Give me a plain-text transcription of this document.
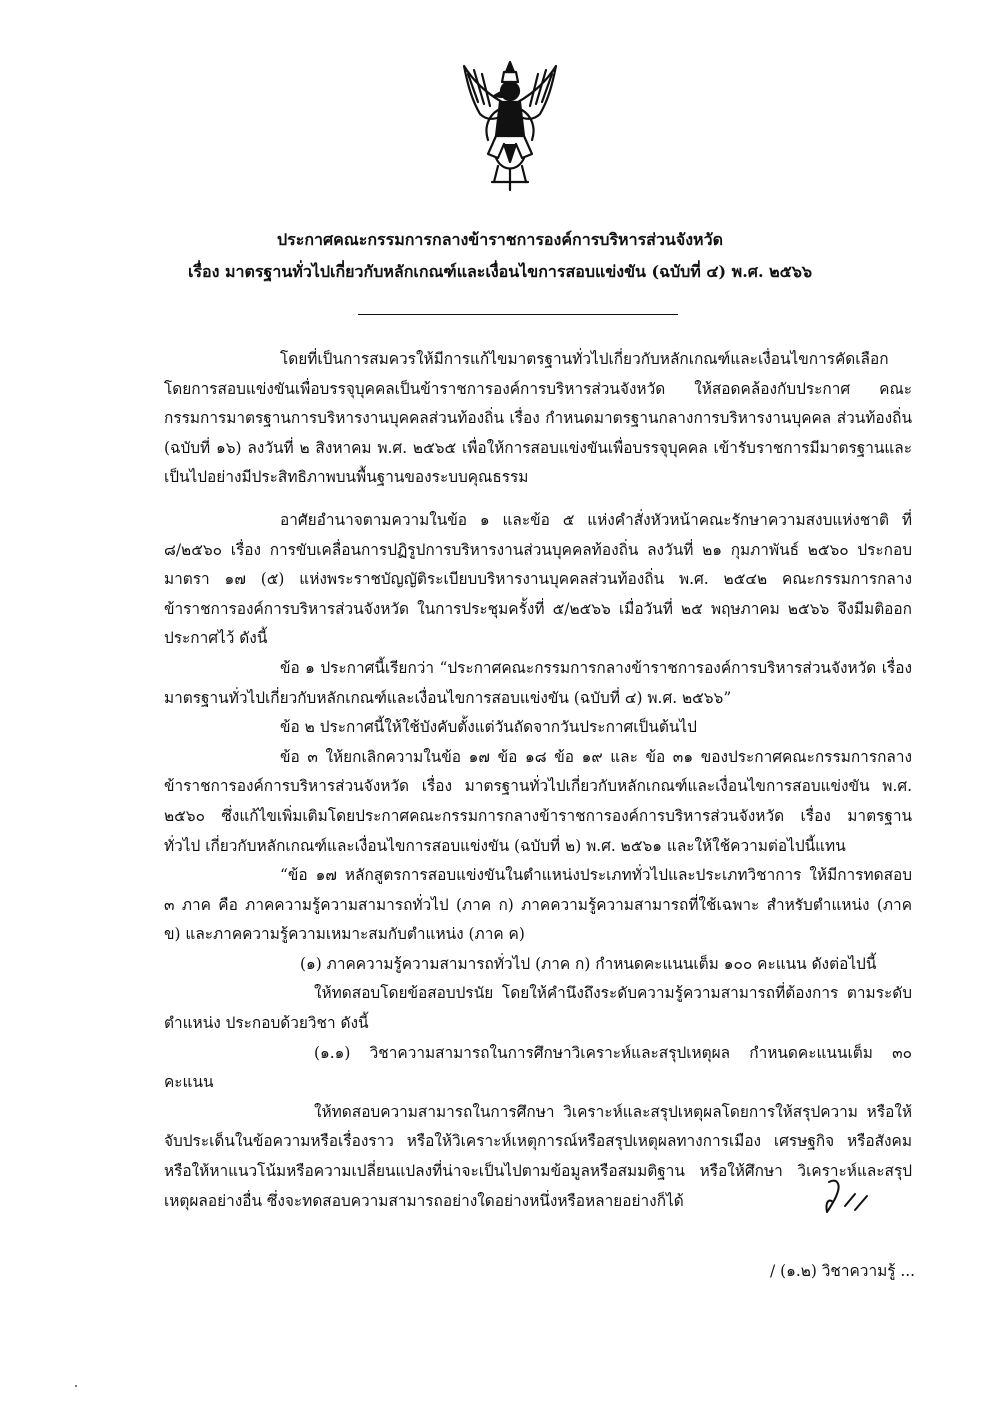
ประกาศคณะกรรมการกลางข้าราชการองค์การบริหารส่วนจังหวัด
เรื่อง มาตรฐานทั่วไปเกี่ยวกับหลักเกณฑ์และเงื่อนไขการสอบแข่งขัน (ฉบับที่ ๔) พ.ศ. ๒๕๖๖

โดยที่เป็นการสมควรให้มีการแก้ไขมาตรฐานทั่วไปเกี่ยวกับหลักเกณฑ์และเงื่อนไขการคัดเลือก โดยการสอบแข่งขันเพื่อบรรจุบุคคลเป็นข้าราชการองค์การบริหารส่วนจังหวัด ให้สอดคล้องกับประกาศ คณะกรรมการมาตรฐานการบริหารงานบุคคลส่วนท้องถิ่น เรื่อง กำหนดมาตรฐานกลางการบริหารงานบุคคล ส่วนท้องถิ่น (ฉบับที่ ๑๖) ลงวันที่ ๒ สิงหาคม พ.ศ. ๒๕๖๕ เพื่อให้การสอบแข่งขันเพื่อบรรจุบุคคล เข้ารับราชการมีมาตรฐานและเป็นไปอย่างมีประสิทธิภาพบนพื้นฐานของระบบคุณธรรม

อาศัยอำนาจตามความในข้อ ๑ และข้อ ๕ แห่งคำสั่งหัวหน้าคณะรักษาความสงบแห่งชาติ ที่ ๘/๒๕๖๐ เรื่อง การขับเคลื่อนการปฏิรูปการบริหารงานส่วนบุคคลท้องถิ่น ลงวันที่ ๒๑ กุมภาพันธ์ ๒๕๖๐ ประกอบมาตรา ๑๗ (๕) แห่งพระราชบัญญัติระเบียบบริหารงานบุคคลส่วนท้องถิ่น พ.ศ. ๒๕๔๒ คณะกรรมการกลาง ข้าราชการองค์การบริหารส่วนจังหวัด ในการประชุมครั้งที่ ๕/๒๕๖๖ เมื่อวันที่ ๒๕ พฤษภาคม ๒๕๖๖ จึงมีมติออกประกาศไว้ ดังนี้

ข้อ ๑ ประกาศนี้เรียกว่า “ประกาศคณะกรรมการกลางข้าราชการองค์การบริหารส่วนจังหวัด เรื่อง มาตรฐานทั่วไปเกี่ยวกับหลักเกณฑ์และเงื่อนไขการสอบแข่งขัน (ฉบับที่ ๔) พ.ศ. ๒๕๖๖”

ข้อ ๒ ประกาศนี้ให้ใช้บังคับตั้งแต่วันถัดจากวันประกาศเป็นต้นไป

ข้อ ๓ ให้ยกเลิกความในข้อ ๑๗ ข้อ ๑๘ ข้อ ๑๙ และ ข้อ ๓๑ ของประกาศคณะกรรมการกลาง ข้าราชการองค์การบริหารส่วนจังหวัด เรื่อง มาตรฐานทั่วไปเกี่ยวกับหลักเกณฑ์และเงื่อนไขการสอบแข่งขัน พ.ศ. ๒๕๖๐ ซึ่งแก้ไขเพิ่มเติมโดยประกาศคณะกรรมการกลางข้าราชการองค์การบริหารส่วนจังหวัด เรื่อง มาตรฐานทั่วไป เกี่ยวกับหลักเกณฑ์และเงื่อนไขการสอบแข่งขัน (ฉบับที่ ๒) พ.ศ. ๒๕๖๑ และให้ใช้ความต่อไปนี้แทน

“ข้อ ๑๗ หลักสูตรการสอบแข่งขันในตำแหน่งประเภททั่วไปและประเภทวิชาการ ให้มีการทดสอบ ๓ ภาค คือ ภาคความรู้ความสามารถทั่วไป (ภาค ก) ภาคความรู้ความสามารถที่ใช้เฉพาะ สำหรับตำแหน่ง (ภาค ข) และภาคความรู้ความเหมาะสมกับตำแหน่ง (ภาค ค)

(๑) ภาคความรู้ความสามารถทั่วไป (ภาค ก) กำหนดคะแนนเต็ม ๑๐๐ คะแนน ดังต่อไปนี้

ให้ทดสอบโดยข้อสอบปรนัย โดยให้คำนึงถึงระดับความรู้ความสามารถที่ต้องการ ตามระดับตำแหน่ง ประกอบด้วยวิชา ดังนี้

(๑.๑) วิชาความสามารถในการศึกษาวิเคราะห์และสรุปเหตุผล กำหนดคะแนนเต็ม ๓๐ คะแนน

ให้ทดสอบความสามารถในการศึกษา วิเคราะห์และสรุปเหตุผลโดยการให้สรุปความ หรือให้จับประเด็นในข้อความหรือเรื่องราว หรือให้วิเคราะห์เหตุการณ์หรือสรุปเหตุผลทางการเมือง เศรษฐกิจ หรือสังคม หรือให้หาแนวโน้มหรือความเปลี่ยนแปลงที่น่าจะเป็นไปตามข้อมูลหรือสมมติฐาน หรือให้ศึกษา วิเคราะห์และสรุปเหตุผลอย่างอื่น ซึ่งจะทดสอบความสามารถอย่างใดอย่างหนึ่งหรือหลายอย่างก็ได้

/ (๑.๒) วิชาความรู้ ...
